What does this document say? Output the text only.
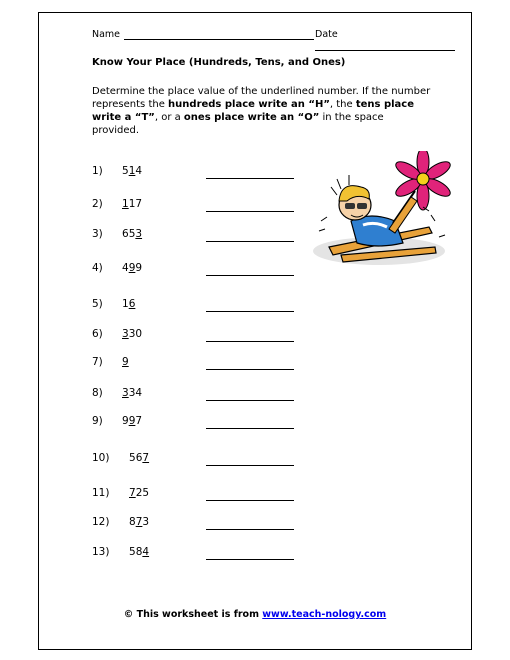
Name	Date
Know Your Place (Hundreds, Tens, and Ones)
Determine the place value of the underlined number. If the number represents the hundreds place write an “H”, the tens place write a “T”, or a ones place write an “O” in the space provided.
1) 514
2) 117
3) 653
4) 499
5) 16
6) 330
7) 9
8) 334
9) 997
10) 567
11) 725
12) 873
13) 584
© This worksheet is from www.teach-nology.com
